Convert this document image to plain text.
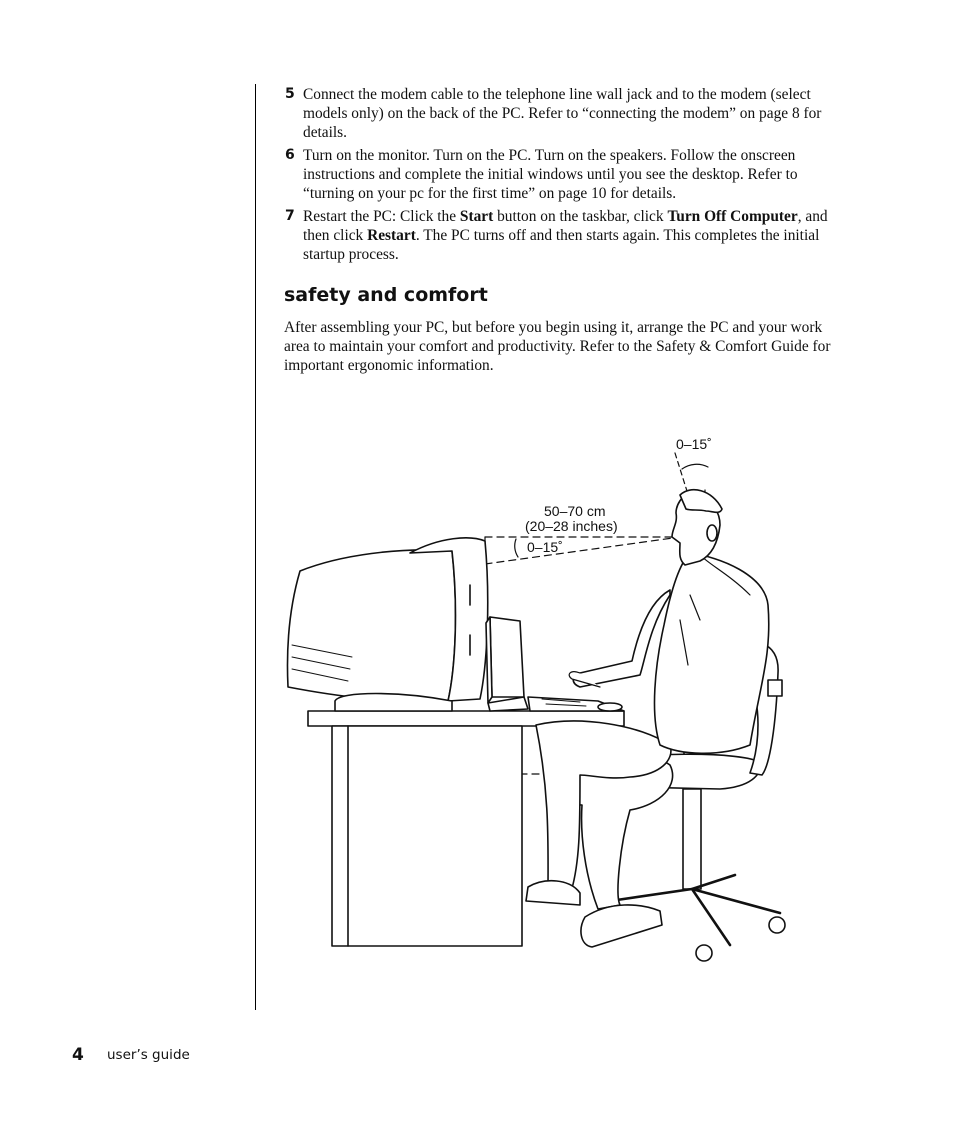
5 Connect the modem cable to the telephone line wall jack and to the modem (select models only) on the back of the PC. Refer to “connecting the modem” on page 8 for details.
6 Turn on the monitor. Turn on the PC. Turn on the speakers. Follow the onscreen instructions and complete the initial windows until you see the desktop. Refer to “turning on your pc for the first time” on page 10 for details.
7 Restart the PC: Click the Start button on the taskbar, click Turn Off Computer, and then click Restart. The PC turns off and then starts again. This completes the initial startup process.
safety and comfort
After assembling your PC, but before you begin using it, arrange the PC and your work area to maintain your comfort and productivity. Refer to the Safety & Comfort Guide for important ergonomic information.
0–15˚
50–70 cm
(20–28 inches)
0–15˚
4 user’s guide
